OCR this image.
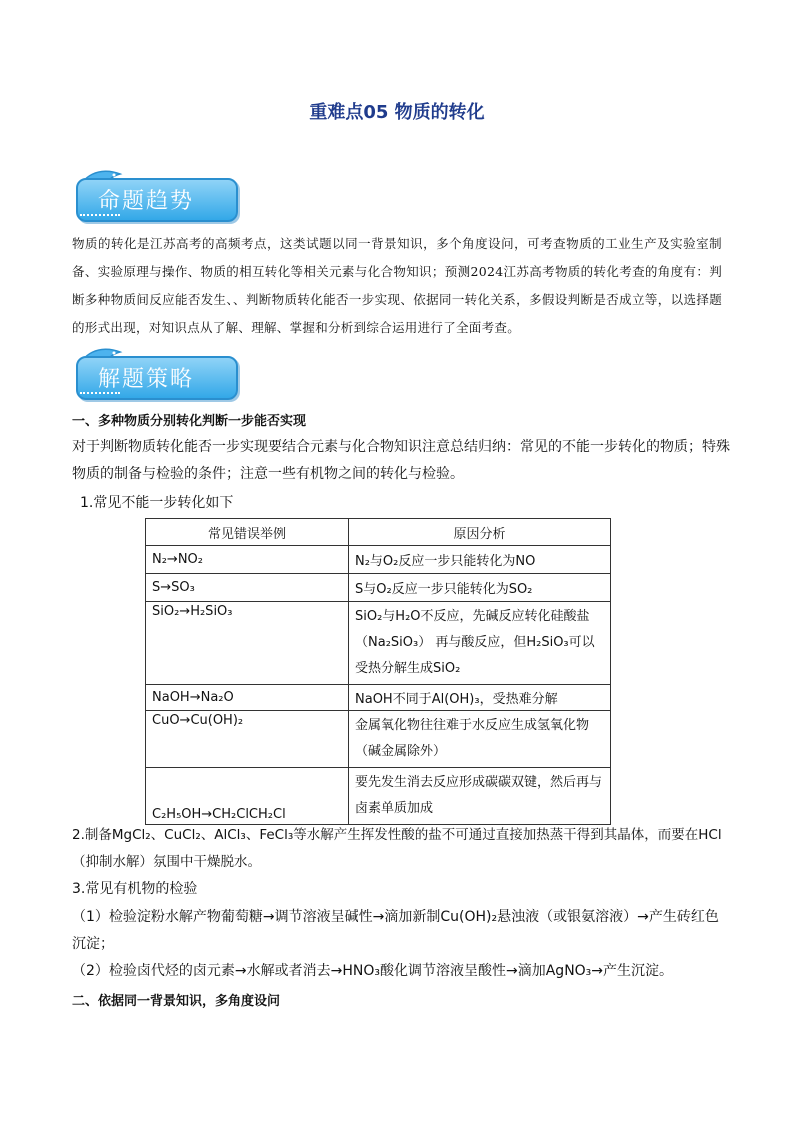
重难点05 物质的转化
命题趋势
物质的转化是江苏高考的高频考点，这类试题以同一背景知识，多个角度设问，可考查物质的工业生产及实验室制备、实验原理与操作、物质的相互转化等相关元素与化合物知识；预测2024江苏高考物质的转化考查的角度有：判断多种物质间反应能否发生、、判断物质转化能否一步实现、依据同一转化关系，多假设判断是否成立等，以选择题的形式出现，对知识点从了解、理解、掌握和分析到综合运用进行了全面考查。
解题策略
一、多种物质分别转化判断一步能否实现
对于判断物质转化能否一步实现要结合元素与化合物知识注意总结归纳：常见的不能一步转化的物质；特殊物质的制备与检验的条件；注意一些有机物之间的转化与检验。
1.常见不能一步转化如下
常见错误举例	原因分析
N₂→NO₂	N₂与O₂反应一步只能转化为NO
S→SO₃	S与O₂反应一步只能转化为SO₂
SiO₂→H₂SiO₃	SiO₂与H₂O不反应，先碱反应转化硅酸盐（Na₂SiO₃） 再与酸反应，但H₂SiO₃可以受热分解生成SiO₂
NaOH→Na₂O	NaOH不同于Al(OH)₃，受热难分解
CuO→Cu(OH)₂	金属氧化物往往难于水反应生成氢氧化物（碱金属除外）
C₂H₅OH→CH₂ClCH₂Cl	要先发生消去反应形成碳碳双键，然后再与卤素单质加成
2.制备MgCl₂、CuCl₂、AlCl₃、FeCl₃等水解产生挥发性酸的盐不可通过直接加热蒸干得到其晶体，而要在HCl（抑制水解）氛围中干燥脱水。
3.常见有机物的检验
（1）检验淀粉水解产物葡萄糖→调节溶液呈碱性→滴加新制Cu(OH)₂悬浊液（或银氨溶液）→产生砖红色沉淀；
（2）检验卤代烃的卤元素→水解或者消去→HNO₃酸化调节溶液呈酸性→滴加AgNO₃→产生沉淀。
二、依据同一背景知识，多角度设问
